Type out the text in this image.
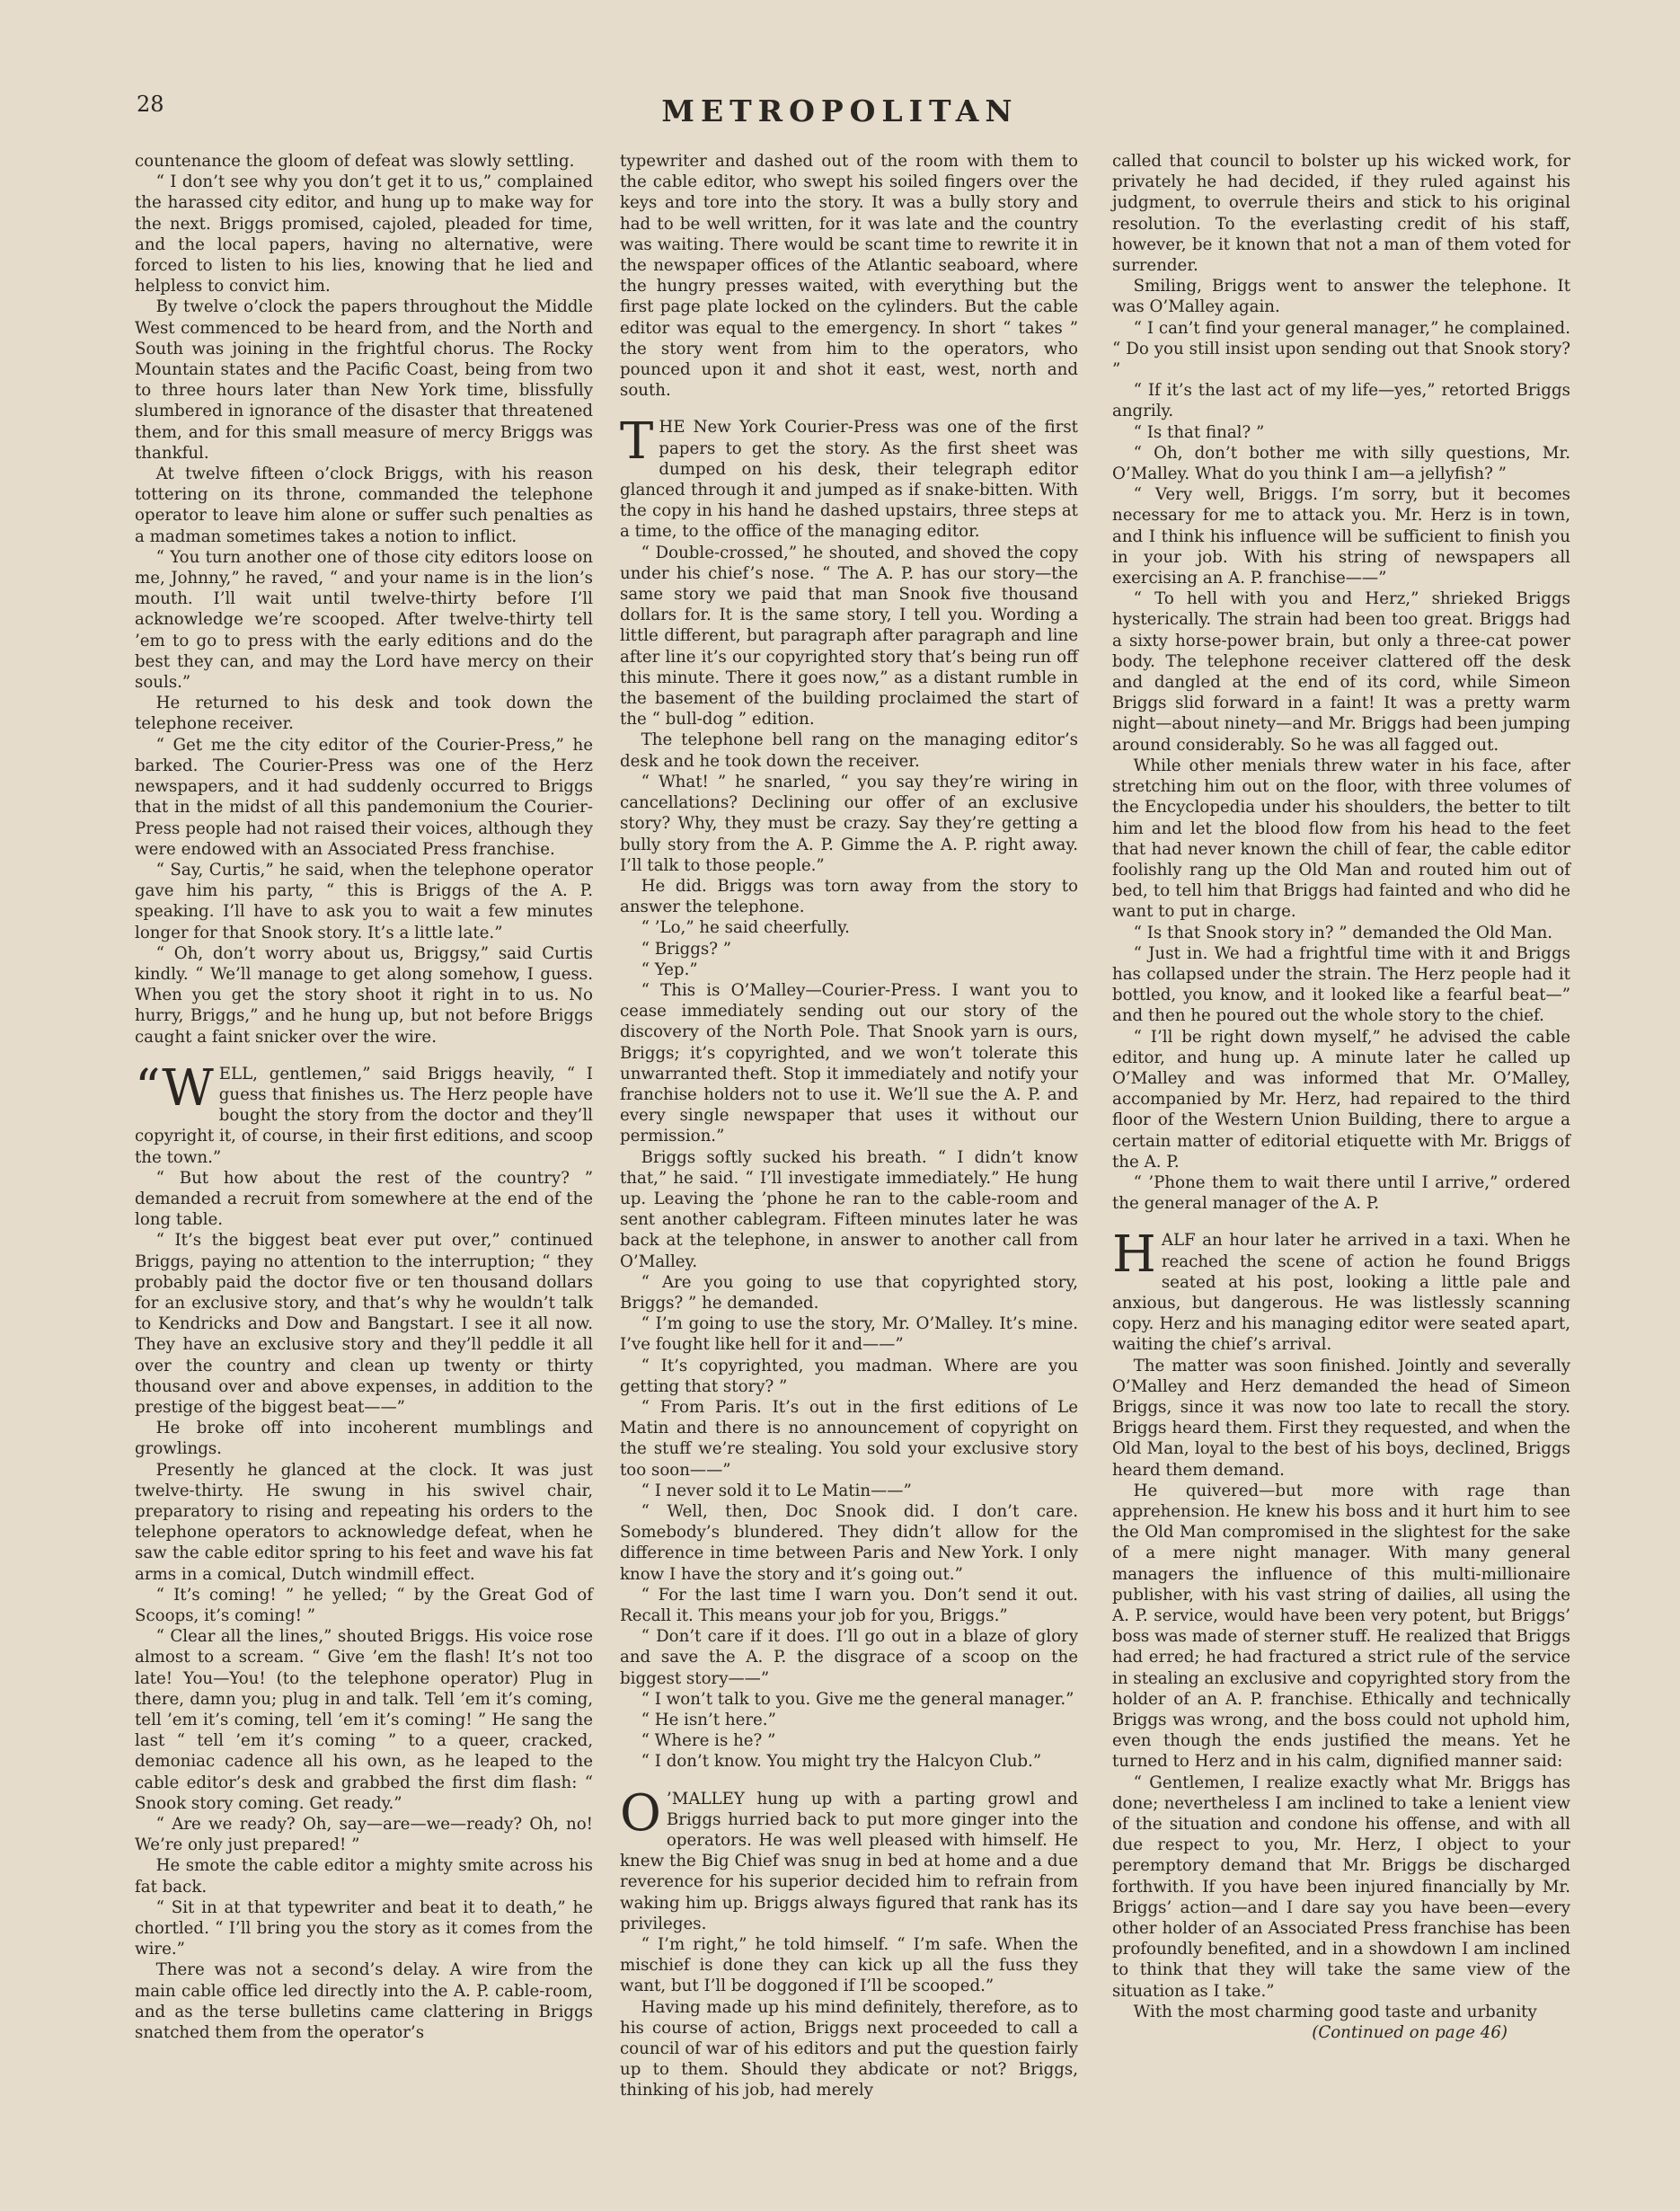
28	METROPOLITAN

countenance the gloom of defeat was slowly settling.

“ I don’t see why you don’t get it to us,” complained the harassed city editor, and hung up to make way for the next. Briggs promised, cajoled, pleaded for time, and the local papers, having no alternative, were forced to listen to his lies, knowing that he lied and helpless to convict him.

By twelve o’clock the papers throughout the Middle West commenced to be heard from, and the North and South was joining in the frightful chorus. The Rocky Mountain states and the Pacific Coast, being from two to three hours later than New York time, blissfully slumbered in ignorance of the disaster that threatened them, and for this small measure of mercy Briggs was thankful.

At twelve fifteen o’clock Briggs, with his reason tottering on its throne, commanded the telephone operator to leave him alone or suffer such penalties as a madman sometimes takes a notion to inflict.

“ You turn another one of those city editors loose on me, Johnny,” he raved, “ and your name is in the lion’s mouth. I’ll wait until twelve-thirty before I’ll acknowledge we’re scooped. After twelve-thirty tell ’em to go to press with the early editions and do the best they can, and may the Lord have mercy on their souls.”

He returned to his desk and took down the telephone receiver.

“ Get me the city editor of the Courier-Press,” he barked. The Courier-Press was one of the Herz newspapers, and it had suddenly occurred to Briggs that in the midst of all this pandemonium the Courier-Press people had not raised their voices, although they were endowed with an Associated Press franchise.

“ Say, Curtis,” he said, when the telephone operator gave him his party, “ this is Briggs of the A. P. speaking. I’ll have to ask you to wait a few minutes longer for that Snook story. It’s a little late.”

“ Oh, don’t worry about us, Briggsy,” said Curtis kindly. “ We’ll manage to get along somehow, I guess. When you get the story shoot it right in to us. No hurry, Briggs,” and he hung up, but not before Briggs caught a faint snicker over the wire.

“WELL, gentlemen,” said Briggs heavily, “ I guess that finishes us. The Herz people have bought the story from the doctor and they’ll copyright it, of course, in their first editions, and scoop the town.”

“ But how about the rest of the country? ” demanded a recruit from somewhere at the end of the long table.

“ It’s the biggest beat ever put over,” continued Briggs, paying no attention to the interruption; “ they probably paid the doctor five or ten thousand dollars for an exclusive story, and that’s why he wouldn’t talk to Kendricks and Dow and Bangstart. I see it all now. They have an exclusive story and they’ll peddle it all over the country and clean up twenty or thirty thousand over and above expenses, in addition to the prestige of the biggest beat——”

He broke off into incoherent mumblings and growlings.

Presently he glanced at the clock. It was just twelve-thirty. He swung in his swivel chair, preparatory to rising and repeating his orders to the telephone operators to acknowledge defeat, when he saw the cable editor spring to his feet and wave his fat arms in a comical, Dutch windmill effect.

“ It’s coming! ” he yelled; “ by the Great God of Scoops, it’s coming! ”

“ Clear all the lines,” shouted Briggs. His voice rose almost to a scream. “ Give ’em the flash! It’s not too late! You—You! (to the telephone operator) Plug in there, damn you; plug in and talk. Tell ’em it’s coming, tell ’em it’s coming, tell ’em it’s coming! ” He sang the last “ tell ’em it’s coming ” to a queer, cracked, demoniac cadence all his own, as he leaped to the cable editor’s desk and grabbed the first dim flash: “ Snook story coming. Get ready.”

“ Are we ready? Oh, say—are—we—ready? Oh, no! We’re only just prepared! ”

He smote the cable editor a mighty smite across his fat back.

“ Sit in at that typewriter and beat it to death,” he chortled. “ I’ll bring you the story as it comes from the wire.”

There was not a second’s delay. A wire from the main cable office led directly into the A. P. cable-room, and as the terse bulletins came clattering in Briggs snatched them from the operator’s

typewriter and dashed out of the room with them to the cable editor, who swept his soiled fingers over the keys and tore into the story. It was a bully story and had to be well written, for it was late and the country was waiting. There would be scant time to rewrite it in the newspaper offices of the Atlantic seaboard, where the hungry presses waited, with everything but the first page plate locked on the cylinders. But the cable editor was equal to the emergency. In short “ takes ” the story went from him to the operators, who pounced upon it and shot it east, west, north and south.

THE New York Courier-Press was one of the first papers to get the story. As the first sheet was dumped on his desk, their telegraph editor glanced through it and jumped as if snake-bitten. With the copy in his hand he dashed upstairs, three steps at a time, to the office of the managing editor.

“ Double-crossed,” he shouted, and shoved the copy under his chief’s nose. “ The A. P. has our story—the same story we paid that man Snook five thousand dollars for. It is the same story, I tell you. Wording a little different, but paragraph after paragraph and line after line it’s our copyrighted story that’s being run off this minute. There it goes now,” as a distant rumble in the basement of the building proclaimed the start of the “ bull-dog ” edition.

The telephone bell rang on the managing editor’s desk and he took down the receiver.

“ What! ” he snarled, “ you say they’re wiring in cancellations? Declining our offer of an exclusive story? Why, they must be crazy. Say they’re getting a bully story from the A. P. Gimme the A. P. right away. I’ll talk to those people.”

He did. Briggs was torn away from the story to answer the telephone.

“ ’Lo,” he said cheerfully.

“ Briggs? ”

“ Yep.”

“ This is O’Malley—Courier-Press. I want you to cease immediately sending out our story of the discovery of the North Pole. That Snook yarn is ours, Briggs; it’s copyrighted, and we won’t tolerate this unwarranted theft. Stop it immediately and notify your franchise holders not to use it. We’ll sue the A. P. and every single newspaper that uses it without our permission.”

Briggs softly sucked his breath. “ I didn’t know that,” he said. “ I’ll investigate immediately.” He hung up. Leaving the ’phone he ran to the cable-room and sent another cablegram. Fifteen minutes later he was back at the telephone, in answer to another call from O’Malley.

“ Are you going to use that copyrighted story, Briggs? ” he demanded.

“ I’m going to use the story, Mr. O’Malley. It’s mine. I’ve fought like hell for it and——”

“ It’s copyrighted, you madman. Where are you getting that story? ”

“ From Paris. It’s out in the first editions of Le Matin and there is no announcement of copyright on the stuff we’re stealing. You sold your exclusive story too soon——”

“ I never sold it to Le Matin——”

“ Well, then, Doc Snook did. I don’t care. Somebody’s blundered. They didn’t allow for the difference in time between Paris and New York. I only know I have the story and it’s going out.”

“ For the last time I warn you. Don’t send it out. Recall it. This means your job for you, Briggs.”

“ Don’t care if it does. I’ll go out in a blaze of glory and save the A. P. the disgrace of a scoop on the biggest story——”

“ I won’t talk to you. Give me the general manager.”

“ He isn’t here.”

“ Where is he? ”

“ I don’t know. You might try the Halcyon Club.”

O ’MALLEY hung up with a parting growl and Briggs hurried back to put more ginger into the operators. He was well pleased with himself. He knew the Big Chief was snug in bed at home and a due reverence for his superior decided him to refrain from waking him up. Briggs always figured that rank has its privileges.

“ I’m right,” he told himself. “ I’m safe. When the mischief is done they can kick up all the fuss they want, but I’ll be doggoned if I’ll be scooped.”

Having made up his mind definitely, therefore, as to his course of action, Briggs next proceeded to call a council of war of his editors and put the question fairly up to them. Should they abdicate or not? Briggs, thinking of his job, had merely

called that council to bolster up his wicked work, for privately he had decided, if they ruled against his judgment, to overrule theirs and stick to his original resolution. To the everlasting credit of his staff, however, be it known that not a man of them voted for surrender.

Smiling, Briggs went to answer the telephone. It was O’Malley again.

“ I can’t find your general manager,” he complained. “ Do you still insist upon sending out that Snook story? ”

“ If it’s the last act of my life—yes,” retorted Briggs angrily.

“ Is that final? ”

“ Oh, don’t bother me with silly questions, Mr. O’Malley. What do you think I am—a jellyfish? ”

“ Very well, Briggs. I’m sorry, but it becomes necessary for me to attack you. Mr. Herz is in town, and I think his influence will be sufficient to finish you in your job. With his string of newspapers all exercising an A. P. franchise——”

“ To hell with you and Herz,” shrieked Briggs hysterically. The strain had been too great. Briggs had a sixty horse-power brain, but only a three-cat power body. The telephone receiver clattered off the desk and dangled at the end of its cord, while Simeon Briggs slid forward in a faint! It was a pretty warm night—about ninety—and Mr. Briggs had been jumping around considerably. So he was all fagged out.

While other menials threw water in his face, after stretching him out on the floor, with three volumes of the Encyclopedia under his shoulders, the better to tilt him and let the blood flow from his head to the feet that had never known the chill of fear, the cable editor foolishly rang up the Old Man and routed him out of bed, to tell him that Briggs had fainted and who did he want to put in charge.

“ Is that Snook story in? ” demanded the Old Man.

“ Just in. We had a frightful time with it and Briggs has collapsed under the strain. The Herz people had it bottled, you know, and it looked like a fearful beat—” and then he poured out the whole story to the chief.

“ I’ll be right down myself,” he advised the cable editor, and hung up. A minute later he called up O’Malley and was informed that Mr. O’Malley, accompanied by Mr. Herz, had repaired to the third floor of the Western Union Building, there to argue a certain matter of editorial etiquette with Mr. Briggs of the A. P.

“ ’Phone them to wait there until I arrive,” ordered the general manager of the A. P.

HALF an hour later he arrived in a taxi. When he reached the scene of action he found Briggs seated at his post, looking a little pale and anxious, but dangerous. He was listlessly scanning copy. Herz and his managing editor were seated apart, waiting the chief’s arrival.

The matter was soon finished. Jointly and severally O’Malley and Herz demanded the head of Simeon Briggs, since it was now too late to recall the story. Briggs heard them. First they requested, and when the Old Man, loyal to the best of his boys, declined, Briggs heard them demand.

He quivered—but more with rage than apprehension. He knew his boss and it hurt him to see the Old Man compromised in the slightest for the sake of a mere night manager. With many general managers the influence of this multi-millionaire publisher, with his vast string of dailies, all using the A. P. service, would have been very potent, but Briggs’ boss was made of sterner stuff. He realized that Briggs had erred; he had fractured a strict rule of the service in stealing an exclusive and copyrighted story from the holder of an A. P. franchise. Ethically and technically Briggs was wrong, and the boss could not uphold him, even though the ends justified the means. Yet he turned to Herz and in his calm, dignified manner said:

“ Gentlemen, I realize exactly what Mr. Briggs has done; nevertheless I am inclined to take a lenient view of the situation and condone his offense, and with all due respect to you, Mr. Herz, I object to your peremptory demand that Mr. Briggs be discharged forthwith. If you have been injured financially by Mr. Briggs’ action—and I dare say you have been—every other holder of an Associated Press franchise has been profoundly benefited, and in a showdown I am inclined to think that they will take the same view of the situation as I take.”

With the most charming good taste and urbanity

(Continued on page 46)
